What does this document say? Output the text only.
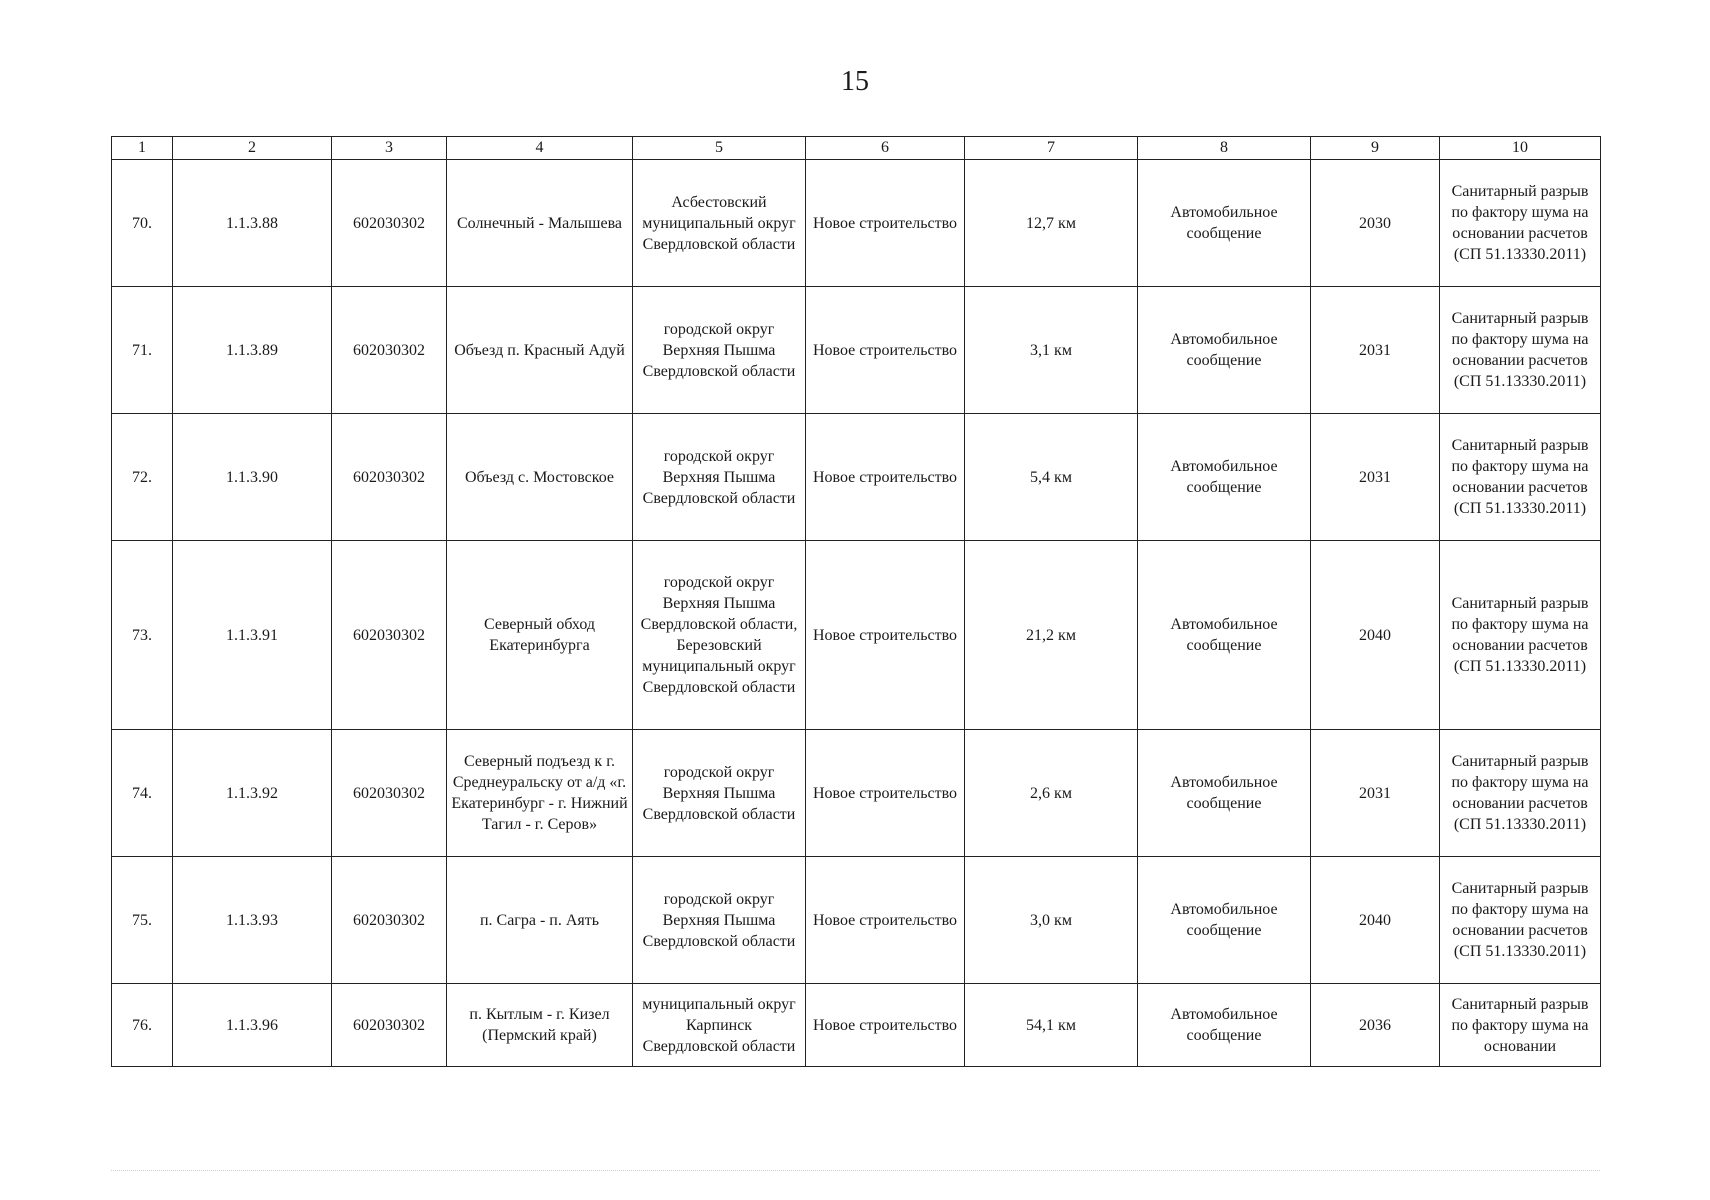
15
1	2	3	4	5	6	7	8	9	10
70.	1.1.3.88	602030302	Солнечный - Малышева	Асбестовский муниципальный округ Свердловской области	Новое строительство	12,7 км	Автомобильное сообщение	2030	Санитарный разрыв по фактору шума на основании расчетов (СП 51.13330.2011)
71.	1.1.3.89	602030302	Объезд п. Красный Адуй	городской округ Верхняя Пышма Свердловской области	Новое строительство	3,1 км	Автомобильное сообщение	2031	Санитарный разрыв по фактору шума на основании расчетов (СП 51.13330.2011)
72.	1.1.3.90	602030302	Объезд с. Мостовское	городской округ Верхняя Пышма Свердловской области	Новое строительство	5,4 км	Автомобильное сообщение	2031	Санитарный разрыв по фактору шума на основании расчетов (СП 51.13330.2011)
73.	1.1.3.91	602030302	Северный обход Екатеринбурга	городской округ Верхняя Пышма Свердловской области, Березовский муниципальный округ Свердловской области	Новое строительство	21,2 км	Автомобильное сообщение	2040	Санитарный разрыв по фактору шума на основании расчетов (СП 51.13330.2011)
74.	1.1.3.92	602030302	Северный подъезд к г. Среднеуральску от а/д «г. Екатеринбург - г. Нижний Тагил - г. Серов»	городской округ Верхняя Пышма Свердловской области	Новое строительство	2,6 км	Автомобильное сообщение	2031	Санитарный разрыв по фактору шума на основании расчетов (СП 51.13330.2011)
75.	1.1.3.93	602030302	п. Сагра - п. Аять	городской округ Верхняя Пышма Свердловской области	Новое строительство	3,0 км	Автомобильное сообщение	2040	Санитарный разрыв по фактору шума на основании расчетов (СП 51.13330.2011)
76.	1.1.3.96	602030302	п. Кытлым - г. Кизел (Пермский край)	муниципальный округ Карпинск Свердловской области	Новое строительство	54,1 км	Автомобильное сообщение	2036	Санитарный разрыв по фактору шума на основании
